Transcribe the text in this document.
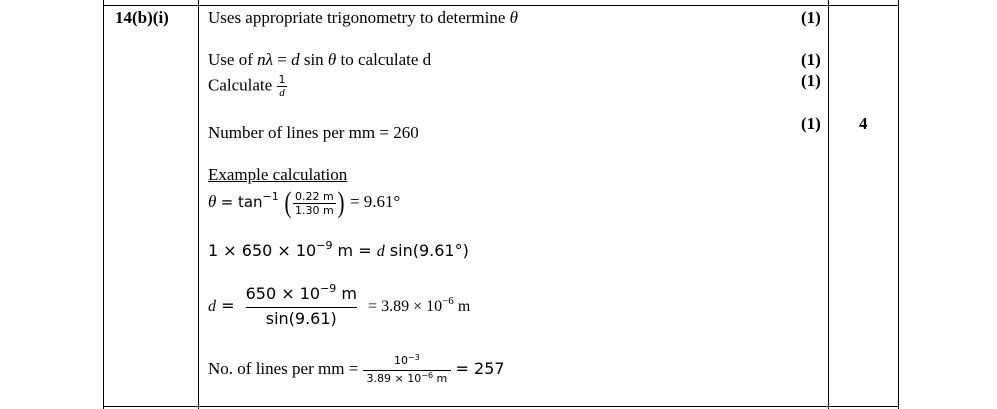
14(b)(i) Uses appropriate trigonometry to determine θ	(1)
Use of nλ = d sin θ to calculate d	(1)
Calculate $\frac{1}{d}$	(1)
Number of lines per mm = 260	(1) 4
Example calculation
$\theta = \tan^{-1}$ ( $\frac{0.22 m}{1.30 m}$ ) = 9.61°
$1 \times 650 \times 10^{-9}$ m = d sin(9.61°)
$d = \frac{650 \times 10^{-9} m}{\sin(9.61)} = 3.89 \times 10^{-6}$ m
No. of lines per mm = $\frac{10^{-3}}{3.89 \times 10^{-6} m} = 257$
